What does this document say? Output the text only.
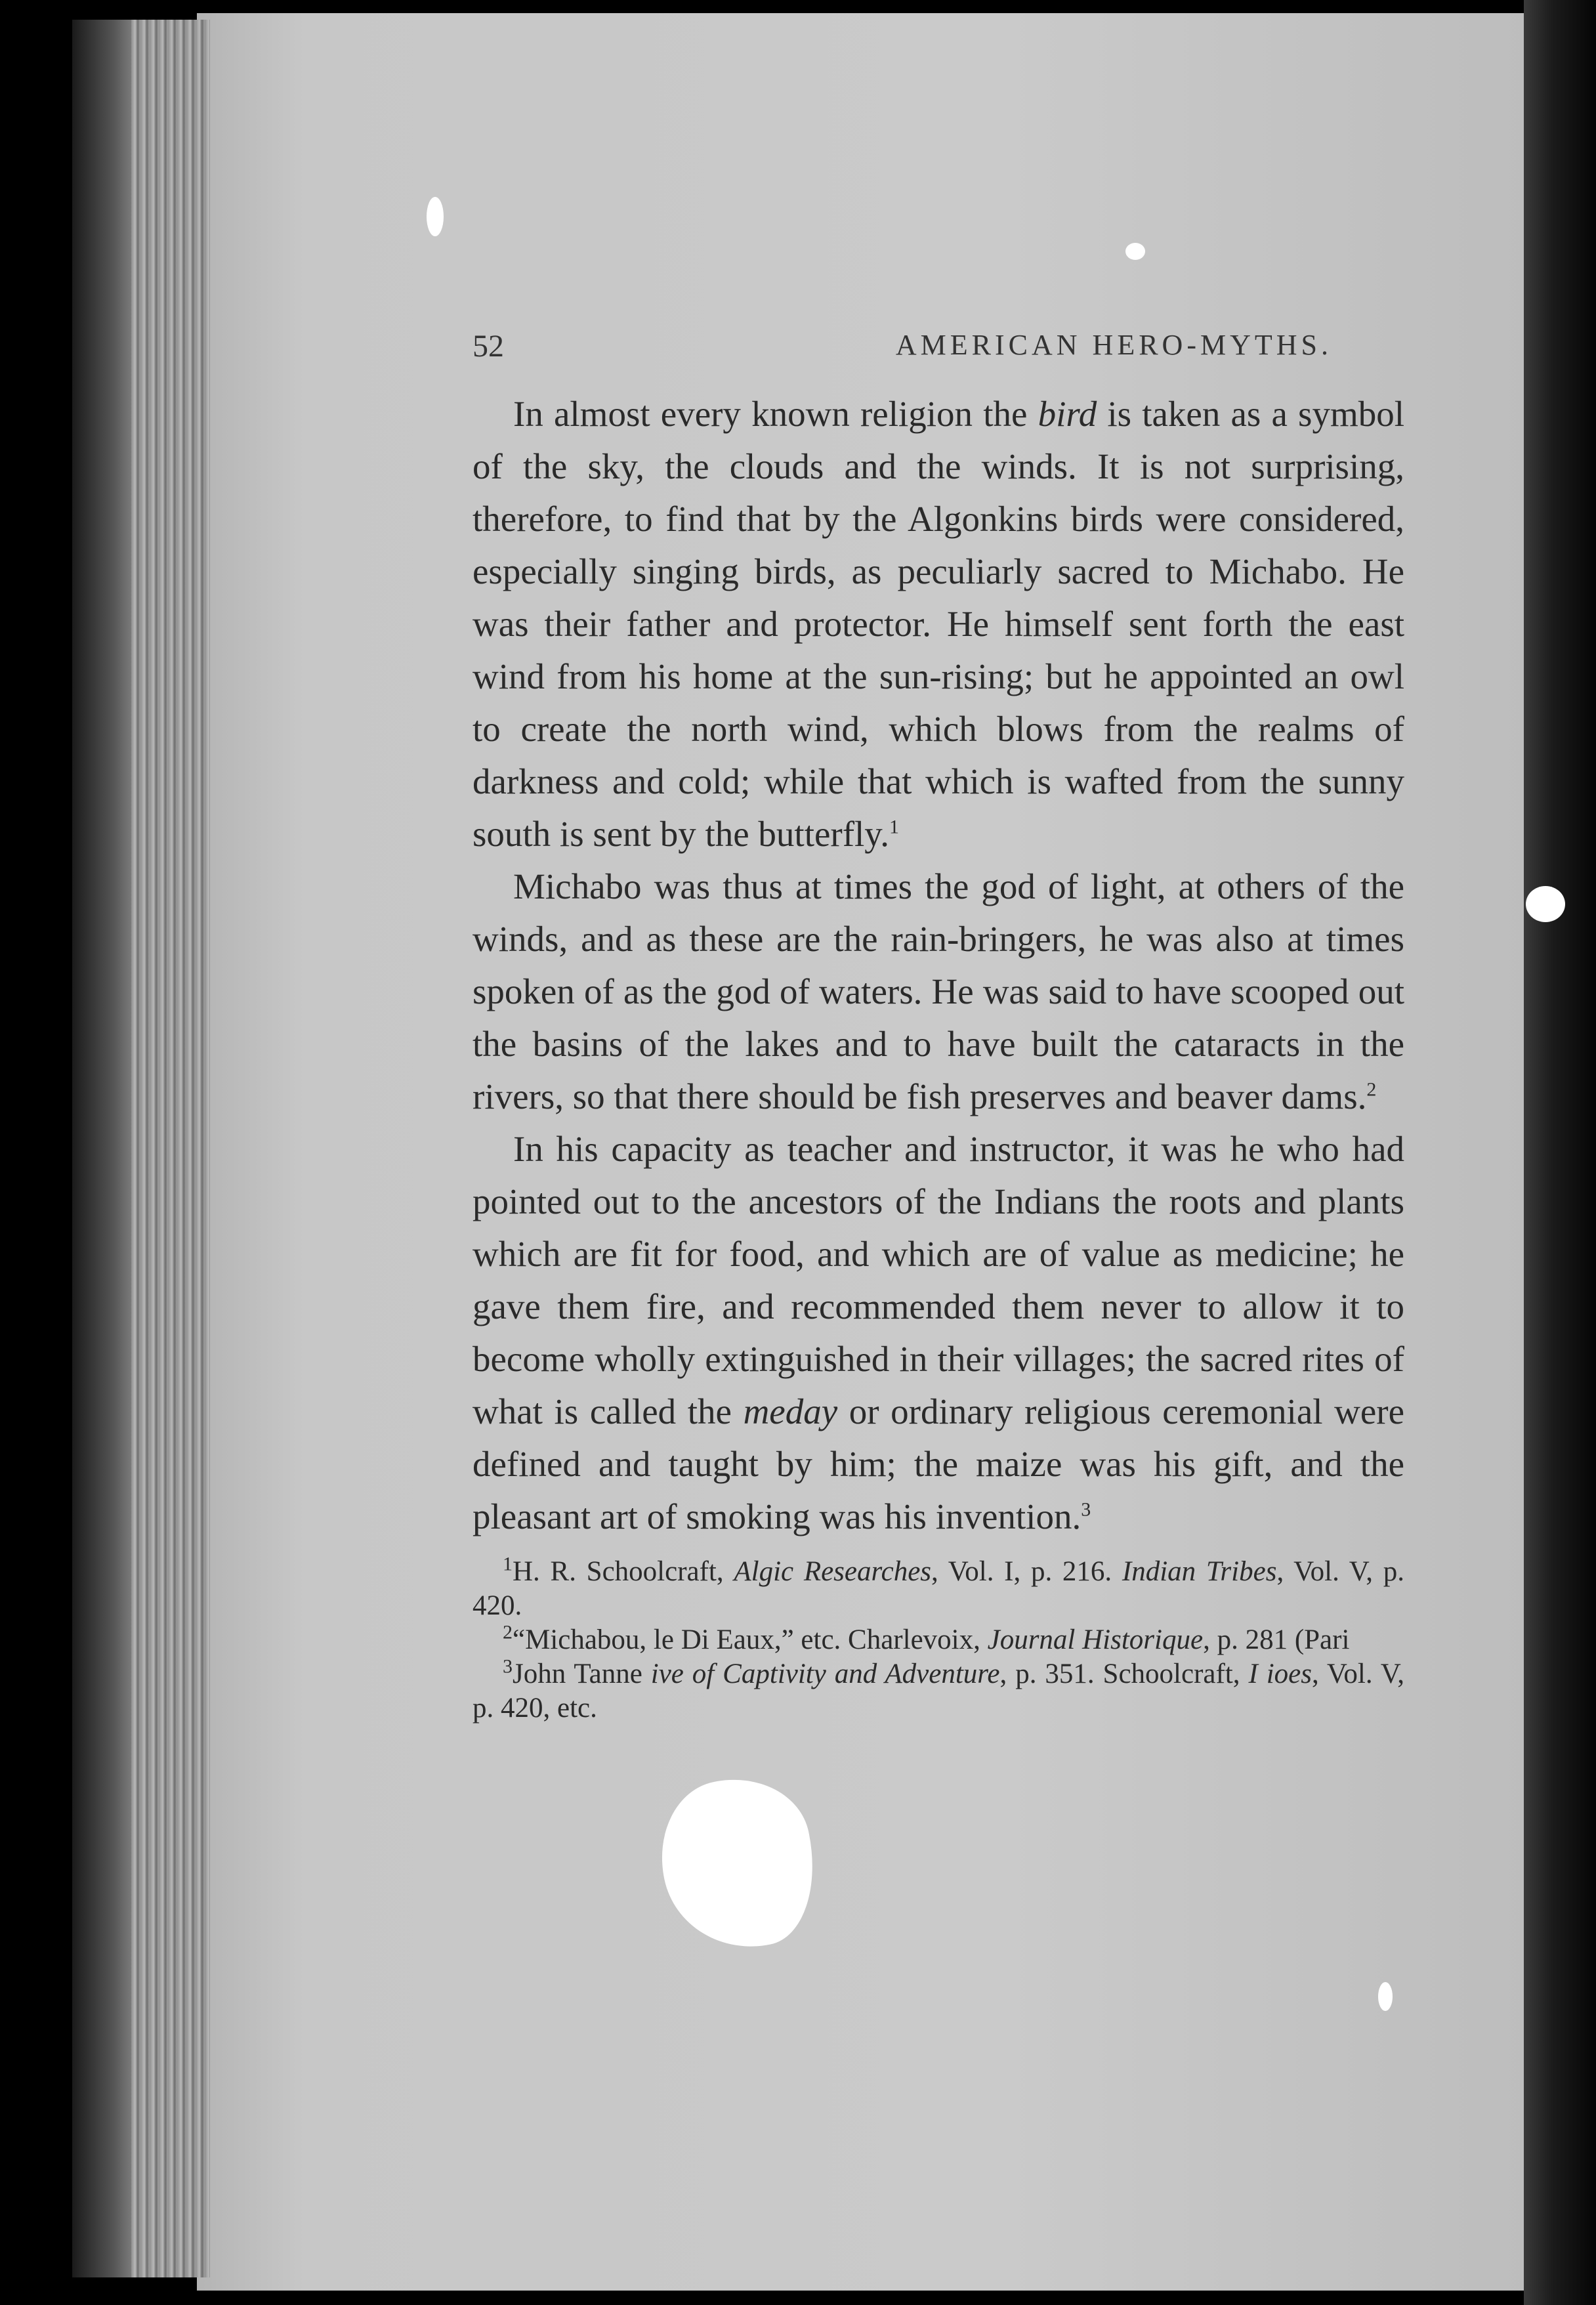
52	AMERICAN HERO-MYTHS.

In almost every known religion the bird is taken as a symbol of the sky, the clouds and the winds. It is not surprising, therefore, to find that by the Algonkins birds were considered, especially singing birds, as peculiarly sacred to Michabo. He was their father and protector. He himself sent forth the east wind from his home at the sun-rising; but he appointed an owl to create the north wind, which blows from the realms of darkness and cold; while that which is wafted from the sunny south is sent by the butterfly.$^1$

Michabo was thus at times the god of light, at others of the winds, and as these are the rain-bringers, he was also at times spoken of as the god of waters. He was said to have scooped out the basins of the lakes and to have built the cataracts in the rivers, so that there should be fish preserves and beaver dams.$^2$

In his capacity as teacher and instructor, it was he who had pointed out to the ancestors of the Indians the roots and plants which are fit for food, and which are of value as medicine; he gave them fire, and recommended them never to allow it to become wholly extinguished in their villages; the sacred rites of what is called the meday or ordinary religious ceremonial were defined and taught by him; the maize was his gift, and the pleasant art of smoking was his invention.$^3$

$^1$H. R. Schoolcraft, Algic Researches, Vol. I, p. 216. Indian Tribes, Vol. V, p. 420.

$^2$“Michabou, le Di Eaux,” etc. Charlevoix, Journal Historique, p. 281 (Pari

$^3$John Tanne ive of Captivity and Adventure, p. 351. Schoolcraft, I ioes, Vol. V, p. 420, etc.
